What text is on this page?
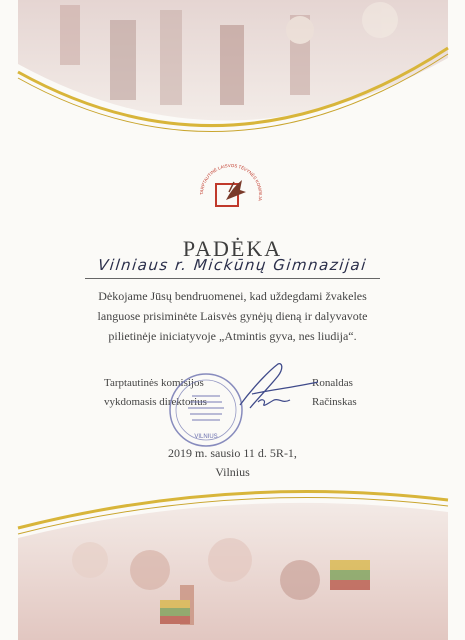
TARPTAUTINĖ LAISVOS TĖVYNĖS KOMISIJA
PADĖKA
Vilniaus r. Mickūnų Gimnazijai
Dėkojame Jūsų bendruomenei, kad uždegdami žvakeles
languose prisiminėte Laisvės gynėjų dieną ir dalyvavote
pilietinėje iniciatyvoje „Atmintis gyva, nes liudija“.
Tarptautinės komisijos
vykdomasis direktorius
Ronaldas
Račinskas
VILNIUS
2019 m. sausio 11 d. 5R-1,
Vilnius
